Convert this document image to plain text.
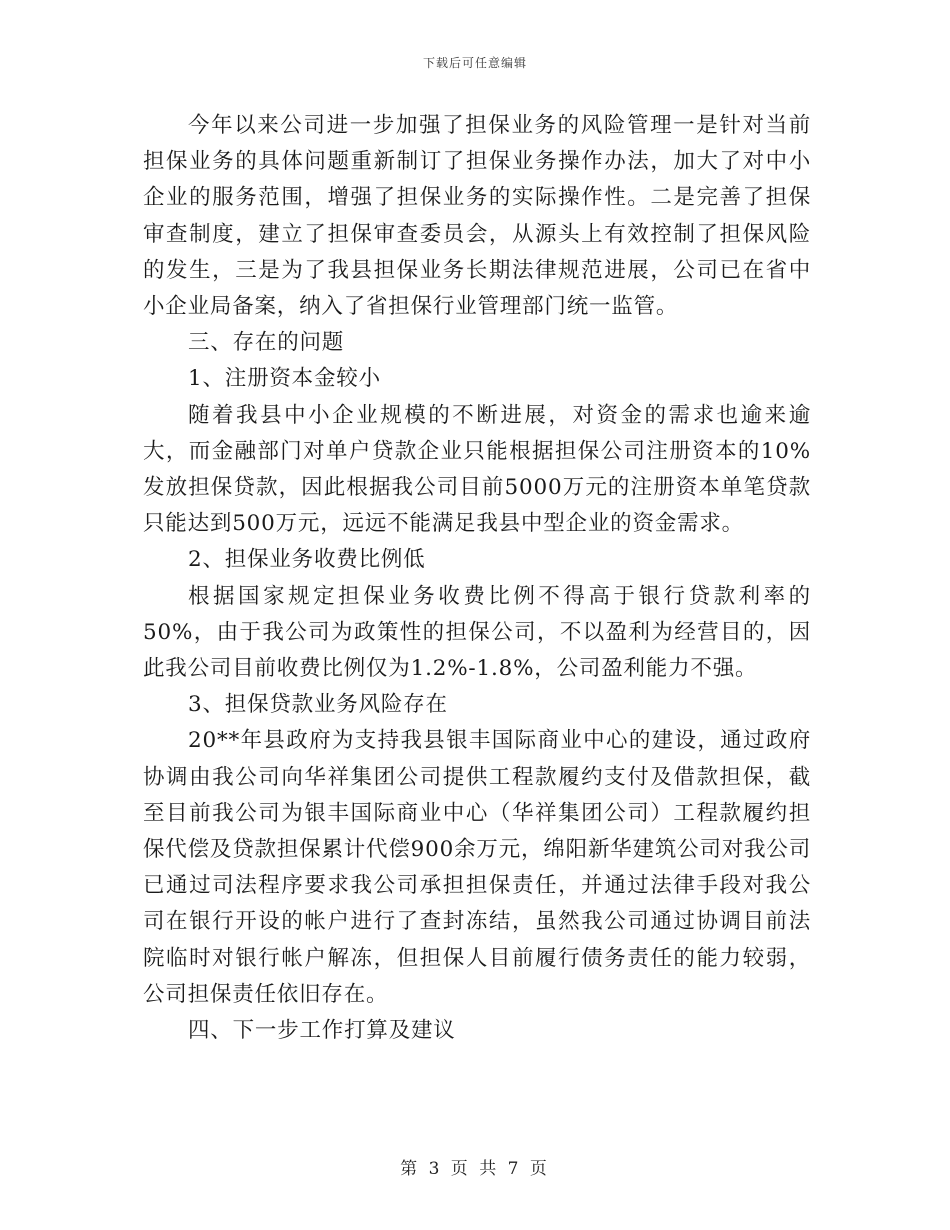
下载后可任意编辑

今年以来公司进一步加强了担保业务的风险管理一是针对当前担保业务的具体问题重新制订了担保业务操作办法，加大了对中小企业的服务范围，增强了担保业务的实际操作性。二是完善了担保审查制度，建立了担保审查委员会，从源头上有效控制了担保风险的发生，三是为了我县担保业务长期法律规范进展，公司已在省中小企业局备案，纳入了省担保行业管理部门统一监管。

三、存在的问题

1、注册资本金较小

随着我县中小企业规模的不断进展，对资金的需求也逾来逾大，而金融部门对单户贷款企业只能根据担保公司注册资本的10%发放担保贷款，因此根据我公司目前5000万元的注册资本单笔贷款只能达到500万元，远远不能满足我县中型企业的资金需求。

2、担保业务收费比例低

根据国家规定担保业务收费比例不得高于银行贷款利率的50%，由于我公司为政策性的担保公司，不以盈利为经营目的，因此我公司目前收费比例仅为1.2%-1.8%，公司盈利能力不强。

3、担保贷款业务风险存在

20**年县政府为支持我县银丰国际商业中心的建设，通过政府协调由我公司向华祥集团公司提供工程款履约支付及借款担保，截至目前我公司为银丰国际商业中心（华祥集团公司）工程款履约担保代偿及贷款担保累计代偿900余万元，绵阳新华建筑公司对我公司已通过司法程序要求我公司承担担保责任，并通过法律手段对我公司在银行开设的帐户进行了查封冻结，虽然我公司通过协调目前法院临时对银行帐户解冻，但担保人目前履行债务责任的能力较弱，公司担保责任依旧存在。

四、下一步工作打算及建议

第 3 页 共 7 页
